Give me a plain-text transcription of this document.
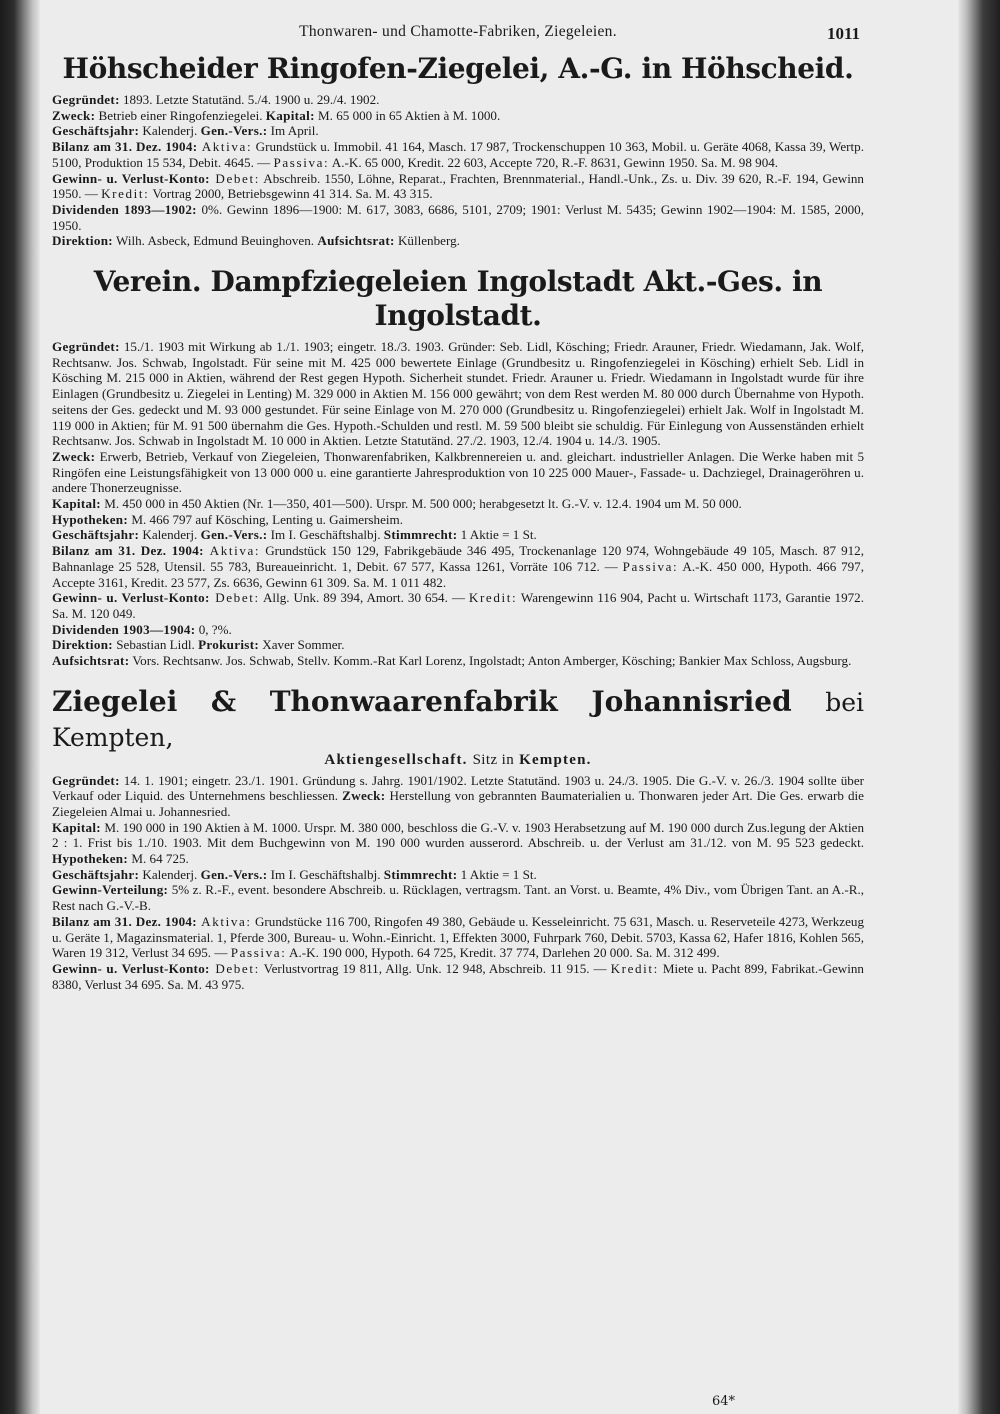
Thonwaren- und Chamotte-Fabriken, Ziegeleien.	1011
Höhscheider Ringofen-Ziegelei, A.-G. in Höhscheid.

Gegründet: 1893. Letzte Statutänd. 5./4. 1900 u. 29./4. 1902.

Zweck: Betrieb einer Ringofenziegelei. Kapital: M. 65 000 in 65 Aktien à M. 1000.

Geschäftsjahr: Kalenderj. Gen.-Vers.: Im April.

Bilanz am 31. Dez. 1904: Aktiva: Grundstück u. Immobil. 41 164, Masch. 17 987, Trockenschuppen 10 363, Mobil. u. Geräte 4068, Kassa 39, Wertp. 5100, Produktion 15 534, Debit. 4645. — Passiva: A.-K. 65 000, Kredit. 22 603, Accepte 720, R.-F. 8631, Gewinn 1950. Sa. M. 98 904.

Gewinn- u. Verlust-Konto: Debet: Abschreib. 1550, Löhne, Reparat., Frachten, Brennmaterial., Handl.-Unk., Zs. u. Div. 39 620, R.-F. 194, Gewinn 1950. — Kredit: Vortrag 2000, Betriebsgewinn 41 314. Sa. M. 43 315.

Dividenden 1893—1902: 0%. Gewinn 1896—1900: M. 617, 3083, 6686, 5101, 2709; 1901: Verlust M. 5435; Gewinn 1902—1904: M. 1585, 2000, 1950.

Direktion: Wilh. Asbeck, Edmund Beuinghoven. Aufsichtsrat: Küllenberg.

Verein. Dampfziegeleien Ingolstadt Akt.-Ges. in Ingolstadt.

Gegründet: 15./1. 1903 mit Wirkung ab 1./1. 1903; eingetr. 18./3. 1903. Gründer: Seb. Lidl, Kösching; Friedr. Arauner, Friedr. Wiedamann, Jak. Wolf, Rechtsanw. Jos. Schwab, Ingolstadt. Für seine mit M. 425 000 bewertete Einlage (Grundbesitz u. Ringofenziegelei in Kösching) erhielt Seb. Lidl in Kösching M. 215 000 in Aktien, während der Rest gegen Hypoth. Sicherheit stundet. Friedr. Arauner u. Friedr. Wiedamann in Ingolstadt wurde für ihre Einlagen (Grundbesitz u. Ziegelei in Lenting) M. 329 000 in Aktien M. 156 000 gewährt; von dem Rest werden M. 80 000 durch Übernahme von Hypoth. seitens der Ges. gedeckt und M. 93 000 gestundet. Für seine Einlage von M. 270 000 (Grundbesitz u. Ringofenziegelei) erhielt Jak. Wolf in Ingolstadt M. 119 000 in Aktien; für M. 91 500 übernahm die Ges. Hypoth.-Schulden und restl. M. 59 500 bleibt sie schuldig. Für Einlegung von Aussenständen erhielt Rechtsanw. Jos. Schwab in Ingolstadt M. 10 000 in Aktien. Letzte Statutänd. 27./2. 1903, 12./4. 1904 u. 14./3. 1905.

Zweck: Erwerb, Betrieb, Verkauf von Ziegeleien, Thonwarenfabriken, Kalkbrennereien u. and. gleichart. industrieller Anlagen. Die Werke haben mit 5 Ringöfen eine Leistungsfähigkeit von 13 000 000 u. eine garantierte Jahresproduktion von 10 225 000 Mauer-, Fassade- u. Dachziegel, Drainageröhren u. andere Thonerzeugnisse.

Kapital: M. 450 000 in 450 Aktien (Nr. 1—350, 401—500). Urspr. M. 500 000; herabgesetzt lt. G.-V. v. 12.4. 1904 um M. 50 000.

Hypotheken: M. 466 797 auf Kösching, Lenting u. Gaimersheim.

Geschäftsjahr: Kalenderj. Gen.-Vers.: Im I. Geschäftshalbj. Stimmrecht: 1 Aktie = 1 St.

Bilanz am 31. Dez. 1904: Aktiva: Grundstück 150 129, Fabrikgebäude 346 495, Trockenanlage 120 974, Wohngebäude 49 105, Masch. 87 912, Bahnanlage 25 528, Utensil. 55 783, Bureaueinricht. 1, Debit. 67 577, Kassa 1261, Vorräte 106 712. — Passiva: A.-K. 450 000, Hypoth. 466 797, Accepte 3161, Kredit. 23 577, Zs. 6636, Gewinn 61 309. Sa. M. 1 011 482.

Gewinn- u. Verlust-Konto: Debet: Allg. Unk. 89 394, Amort. 30 654. — Kredit: Warengewinn 116 904, Pacht u. Wirtschaft 1173, Garantie 1972. Sa. M. 120 049.

Dividenden 1903—1904: 0, ?%.

Direktion: Sebastian Lidl. Prokurist: Xaver Sommer.

Aufsichtsrat: Vors. Rechtsanw. Jos. Schwab, Stellv. Komm.-Rat Karl Lorenz, Ingolstadt; Anton Amberger, Kösching; Bankier Max Schloss, Augsburg.

Ziegelei & Thonwaarenfabrik Johannisried bei Kempten,
Aktiengesellschaft. Sitz in Kempten.

Gegründet: 14. 1. 1901; eingetr. 23./1. 1901. Gründung s. Jahrg. 1901/1902. Letzte Statutänd. 1903 u. 24./3. 1905. Die G.-V. v. 26./3. 1904 sollte über Verkauf oder Liquid. des Unternehmens beschliessen. Zweck: Herstellung von gebrannten Baumaterialien u. Thonwaren jeder Art. Die Ges. erwarb die Ziegeleien Almai u. Johannesried.

Kapital: M. 190 000 in 190 Aktien à M. 1000. Urspr. M. 380 000, beschloss die G.-V. v. 1903 Herabsetzung auf M. 190 000 durch Zus.legung der Aktien 2 : 1. Frist bis 1./10. 1903. Mit dem Buchgewinn von M. 190 000 wurden ausserord. Abschreib. u. der Verlust am 31./12. von M. 95 523 gedeckt. Hypotheken: M. 64 725.

Geschäftsjahr: Kalenderj. Gen.-Vers.: Im I. Geschäftshalbj. Stimmrecht: 1 Aktie = 1 St.

Gewinn-Verteilung: 5% z. R.-F., event. besondere Abschreib. u. Rücklagen, vertragsm. Tant. an Vorst. u. Beamte, 4% Div., vom Übrigen Tant. an A.-R., Rest nach G.-V.-B.

Bilanz am 31. Dez. 1904: Aktiva: Grundstücke 116 700, Ringofen 49 380, Gebäude u. Kesseleinricht. 75 631, Masch. u. Reserveteile 4273, Werkzeug u. Geräte 1, Magazinsmaterial. 1, Pferde 300, Bureau- u. Wohn.-Einricht. 1, Effekten 3000, Fuhrpark 760, Debit. 5703, Kassa 62, Hafer 1816, Kohlen 565, Waren 19 312, Verlust 34 695. — Passiva: A.-K. 190 000, Hypoth. 64 725, Kredit. 37 774, Darlehen 20 000. Sa. M. 312 499.

Gewinn- u. Verlust-Konto: Debet: Verlustvortrag 19 811, Allg. Unk. 12 948, Abschreib. 11 915. — Kredit: Miete u. Pacht 899, Fabrikat.-Gewinn 8380, Verlust 34 695. Sa. M. 43 975.

64*
